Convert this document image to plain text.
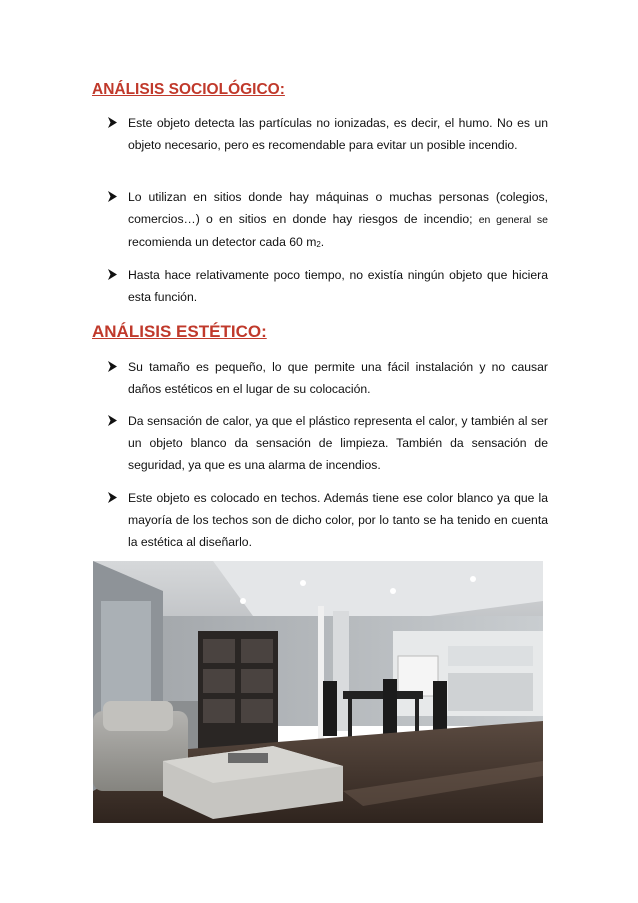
ANÁLISIS SOCIOLÓGICO:
Este objeto detecta las partículas no ionizadas, es decir, el humo. No es un objeto necesario, pero es recomendable para evitar un posible incendio.
Lo utilizan en sitios donde hay máquinas o muchas personas (colegios, comercios…) o en sitios en donde hay riesgos de incendio; en general se recomienda un detector cada 60 m2.
Hasta hace relativamente poco tiempo, no existía ningún objeto que hiciera esta función.
ANÁLISIS ESTÉTICO:
Su tamaño es pequeño, lo que permite una fácil instalación y no causar daños estéticos en el lugar de su colocación.
Da sensación de calor, ya que el plástico representa el calor, y también al ser un objeto blanco da sensación de limpieza. También da sensación de seguridad, ya que es una alarma de incendios.
Este objeto es colocado en techos. Además tiene ese color blanco ya que la mayoría de los techos son de dicho color, por lo tanto se ha tenido en cuenta la estética al diseñarlo.
